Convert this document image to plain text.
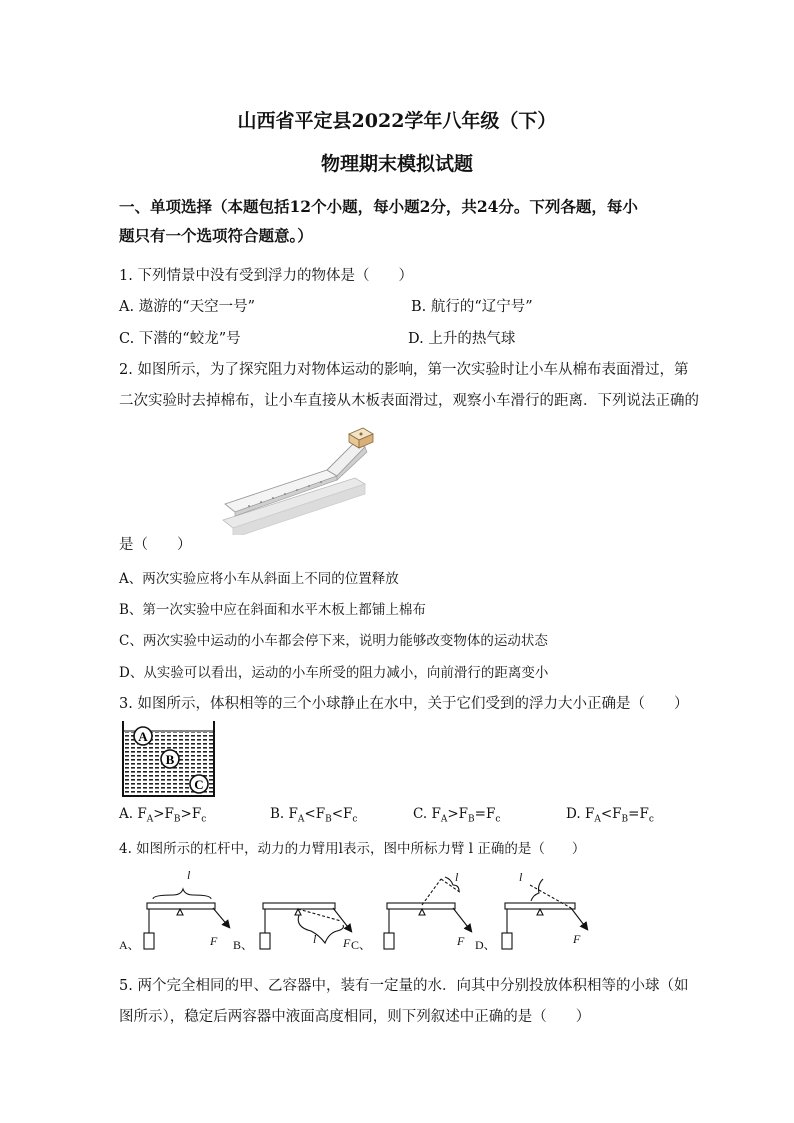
山西省平定县2022学年八年级（下）
物理期末模拟试题
一、单项选择（本题包括12个小题，每小题2分，共24分。下列各题，每小
题只有一个选项符合题意。）
1. 下列情景中没有受到浮力的物体是（　　）
A. 遨游的“天空一号”	B. 航行的“辽宁号”
C. 下潜的“蛟龙”号	D. 上升的热气球
2. 如图所示，为了探究阻力对物体运动的影响，第一次实验时让小车从棉布表面滑过，第
二次实验时去掉棉布，让小车直接从木板表面滑过，观察小车滑行的距离．下列说法正确的
是（　　）
A、两次实验应将小车从斜面上不同的位置释放
B、第一次实验中应在斜面和水平木板上都铺上棉布
C、两次实验中运动的小车都会停下来，说明力能够改变物体的运动状态
D、从实验可以看出，运动的小车所受的阻力减小，向前滑行的距离变小
3. 如图所示，体积相等的三个小球静止在水中，关于它们受到的浮力大小正确是（　　）
A
B
C
A. $F_A>F_B>F_c$	B. $F_A<F_B<F_c$	C. $F_A>F_B=F_c$	D. $F_A<F_B=F_c$
4. 如图所示的杠杆中，动力的力臂用l表示，图中所标力臂 l 正确的是（　　）
l
F	l F
l
F
l
F
A、	B、	C、	D、
5. 两个完全相同的甲、乙容器中，装有一定量的水．向其中分别投放体积相等的小球（如
图所示），稳定后两容器中液面高度相同，则下列叙述中正确的是（　　）
